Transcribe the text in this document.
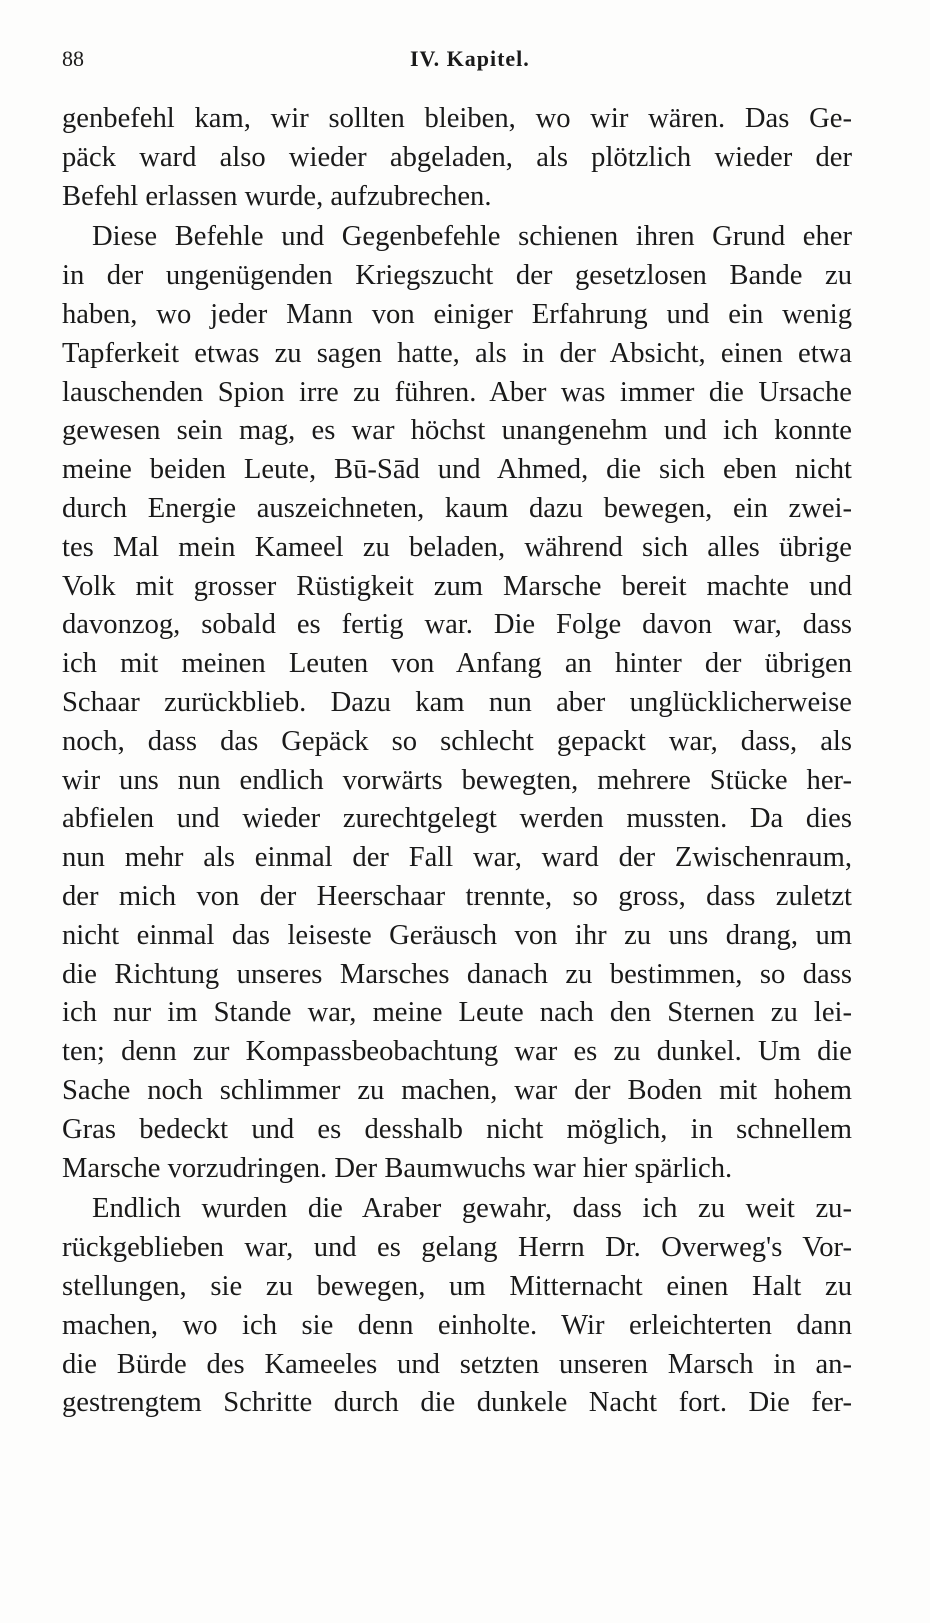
88	IV. Kapitel.
genbefehl kam, wir sollten bleiben, wo wir wären. Das Ge-
päck ward also wieder abgeladen, als plötzlich wieder der
Befehl erlassen wurde, aufzubrechen.
Diese Befehle und Gegenbefehle schienen ihren Grund eher
in der ungenügenden Kriegszucht der gesetzlosen Bande zu
haben, wo jeder Mann von einiger Erfahrung und ein wenig
Tapferkeit etwas zu sagen hatte, als in der Absicht, einen etwa
lauschenden Spion irre zu führen. Aber was immer die Ursache
gewesen sein mag, es war höchst unangenehm und ich konnte
meine beiden Leute, Bū-Sād und Ahmed, die sich eben nicht
durch Energie auszeichneten, kaum dazu bewegen, ein zwei-
tes Mal mein Kameel zu beladen, während sich alles übrige
Volk mit grosser Rüstigkeit zum Marsche bereit machte und
davonzog, sobald es fertig war. Die Folge davon war, dass
ich mit meinen Leuten von Anfang an hinter der übrigen
Schaar zurückblieb. Dazu kam nun aber unglücklicherweise
noch, dass das Gepäck so schlecht gepackt war, dass, als
wir uns nun endlich vorwärts bewegten, mehrere Stücke her-
abfielen und wieder zurechtgelegt werden mussten. Da dies
nun mehr als einmal der Fall war, ward der Zwischenraum,
der mich von der Heerschaar trennte, so gross, dass zuletzt
nicht einmal das leiseste Geräusch von ihr zu uns drang, um
die Richtung unseres Marsches danach zu bestimmen, so dass
ich nur im Stande war, meine Leute nach den Sternen zu lei-
ten; denn zur Kompassbeobachtung war es zu dunkel. Um die
Sache noch schlimmer zu machen, war der Boden mit hohem
Gras bedeckt und es desshalb nicht möglich, in schnellem
Marsche vorzudringen. Der Baumwuchs war hier spärlich.
Endlich wurden die Araber gewahr, dass ich zu weit zu-
rückgeblieben war, und es gelang Herrn Dr. Overweg's Vor-
stellungen, sie zu bewegen, um Mitternacht einen Halt zu
machen, wo ich sie denn einholte. Wir erleichterten dann
die Bürde des Kameeles und setzten unseren Marsch in an-
gestrengtem Schritte durch die dunkele Nacht fort. Die fer-
